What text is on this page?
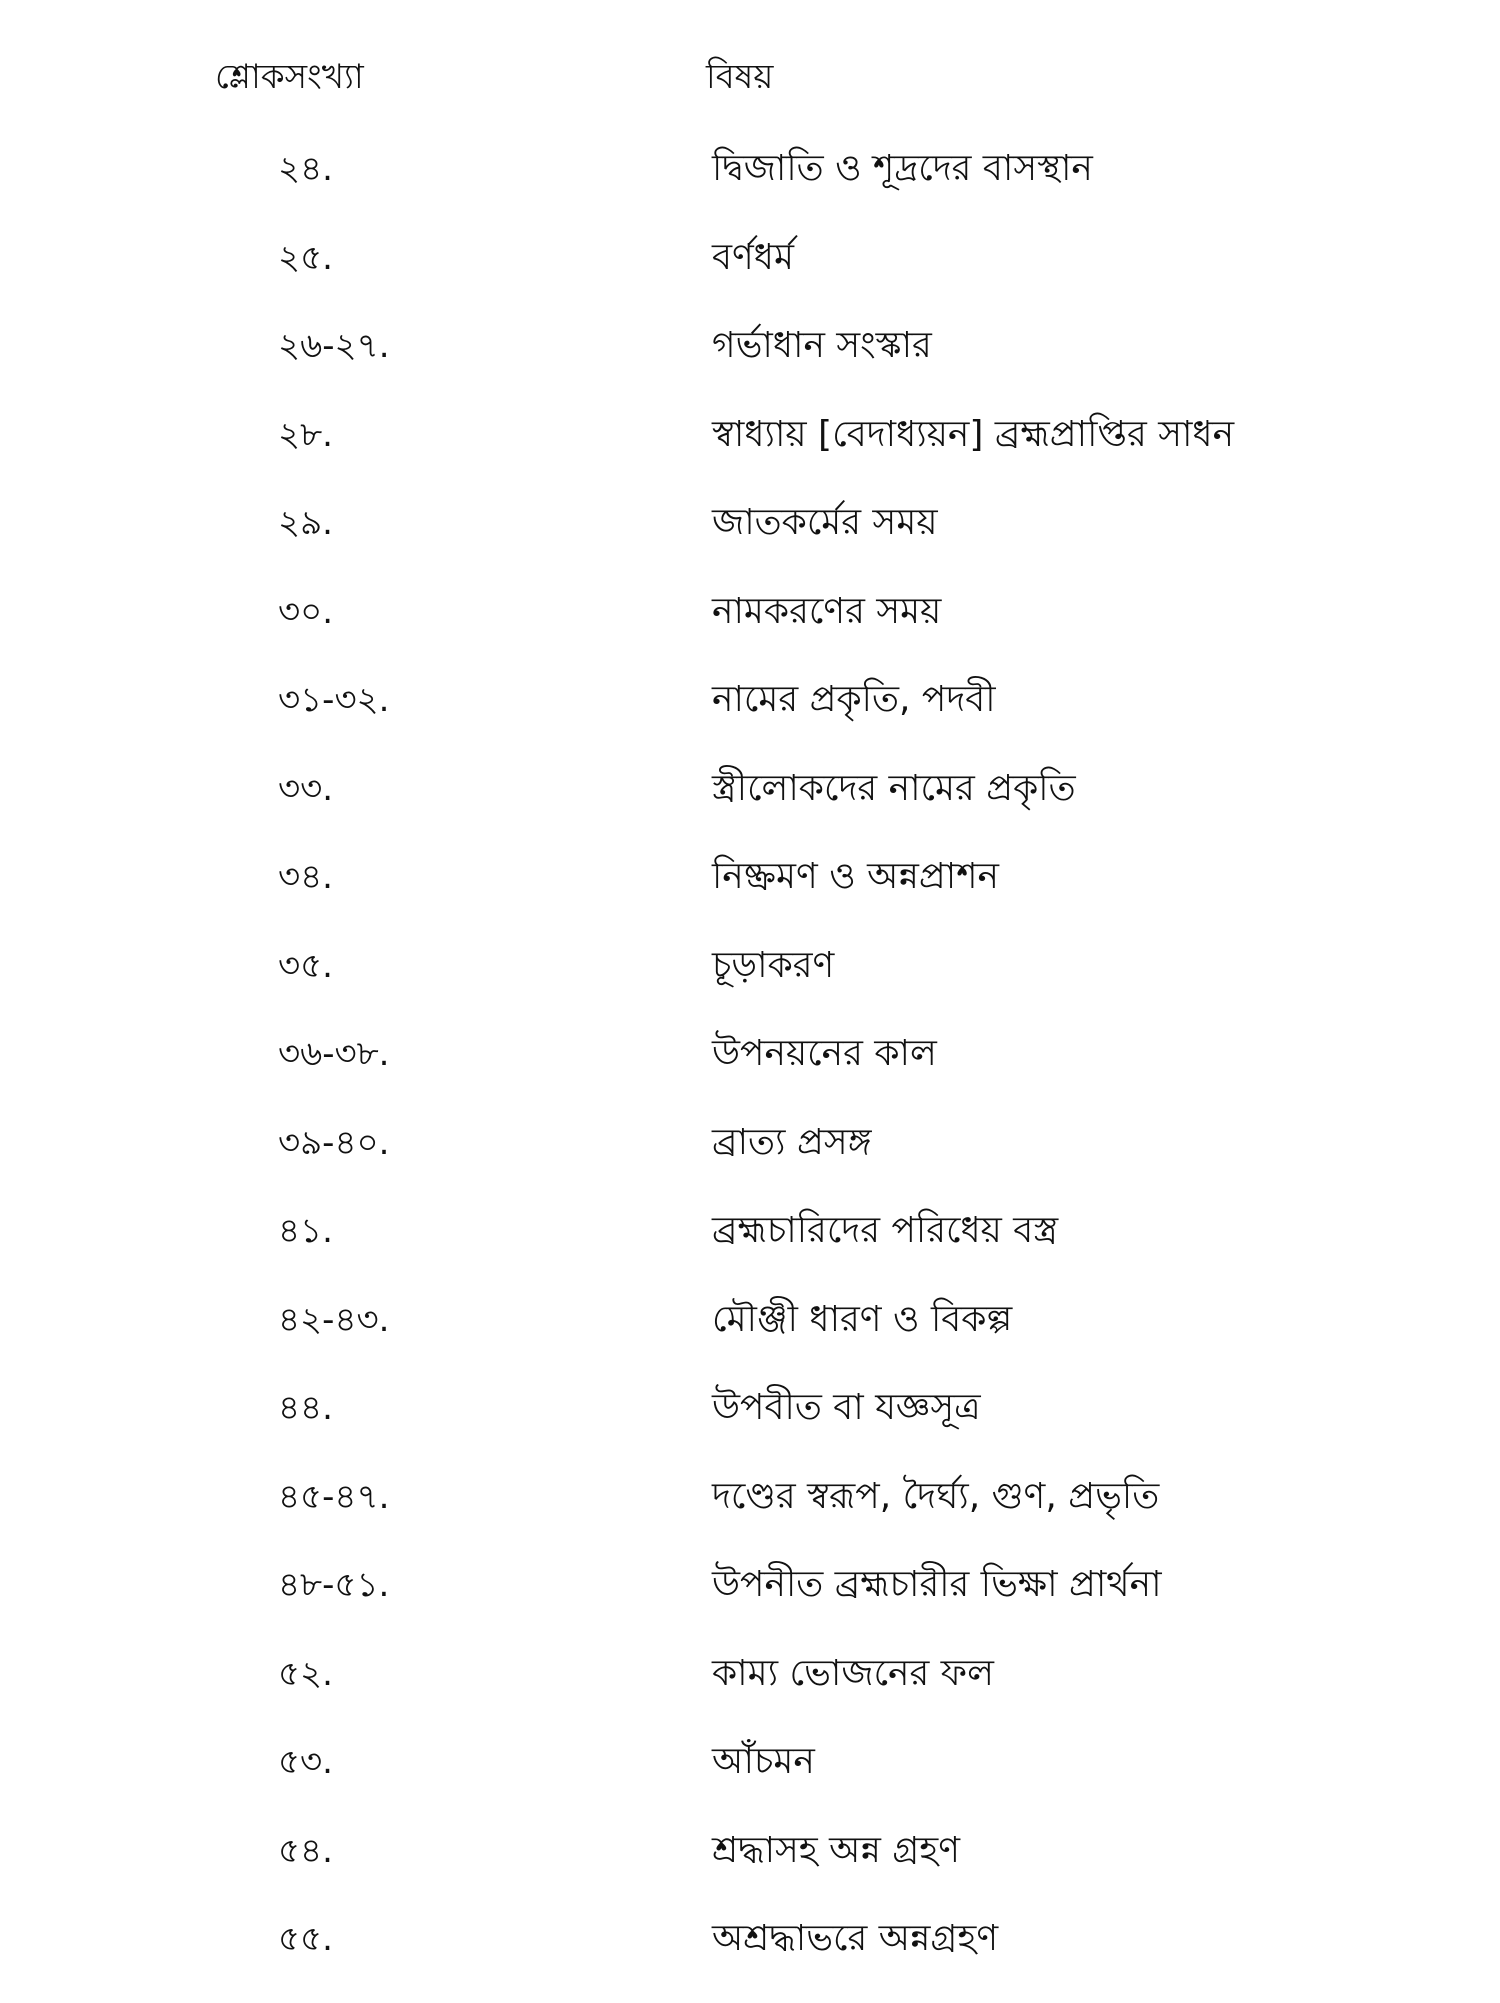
শ্লোকসংখ্যা	বিষয়
২৪.	দ্বিজাতি ও শূদ্রদের বাসস্থান
২৫.	বর্ণধর্ম
২৬-২৭.	গর্ভাধান সংস্কার
২৮.	স্বাধ্যায় [বেদাধ্যয়ন] ব্রহ্মপ্রাপ্তির সাধন
২৯.	জাতকর্মের সময়
৩০.	নামকরণের সময়
৩১-৩২.	নামের প্রকৃতি, পদবী
৩৩.	স্ত্রীলোকদের নামের প্রকৃতি
৩৪.	নিষ্ক্রমণ ও অন্নপ্রাশন
৩৫.	চূড়াকরণ
৩৬-৩৮.	উপনয়নের কাল
৩৯-৪০.	ব্রাত্য প্রসঙ্গ
৪১.	ব্রহ্মচারিদের পরিধেয় বস্ত্র
৪২-৪৩.	মৌঞ্জী ধারণ ও বিকল্প
৪৪.	উপবীত বা যজ্ঞসূত্র
৪৫-৪৭.	দণ্ডের স্বরূপ, দৈর্ঘ্য, গুণ, প্রভৃতি
৪৮-৫১.	উপনীত ব্রহ্মচারীর ভিক্ষা প্রার্থনা
৫২.	কাম্য ভোজনের ফল
৫৩.	আঁচমন
৫৪.	শ্রদ্ধাসহ অন্ন গ্রহণ
৫৫.	অশ্রদ্ধাভরে অন্নগ্রহণ
